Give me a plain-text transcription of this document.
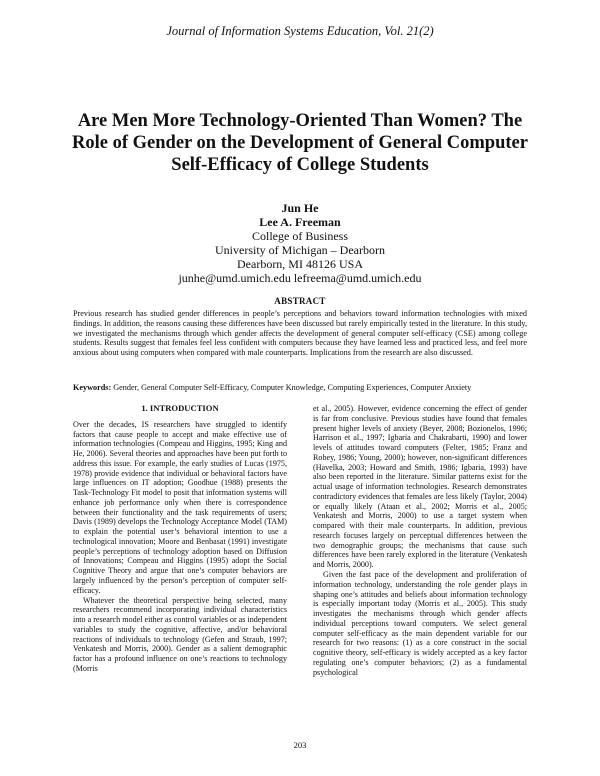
Journal of Information Systems Education, Vol. 21(2)
Are Men More Technology-Oriented Than Women? The Role of Gender on the Development of General Computer Self-Efficacy of College Students
Jun He
Lee A. Freeman
College of Business
University of Michigan – Dearborn
Dearborn, MI 48126 USA
junhe@umd.umich.edu lefreema@umd.umich.edu
ABSTRACT
Previous research has studied gender differences in people’s perceptions and behaviors toward information technologies with mixed findings. In addition, the reasons causing these differences have been discussed but rarely empirically tested in the literature. In this study, we investigated the mechanisms through which gender affects the development of general computer self-efficacy (CSE) among college students. Results suggest that females feel less confident with computers because they have learned less and practiced less, and feel more anxious about using computers when compared with male counterparts. Implications from the research are also discussed.
Keywords: Gender, General Computer Self-Efficacy, Computer Knowledge, Computing Experiences, Computer Anxiety
1. INTRODUCTION

Over the decades, IS researchers have struggled to identify factors that cause people to accept and make effective use of information technologies (Compeau and Higgins, 1995; King and He, 2006). Several theories and approaches have been put forth to address this issue. For example, the early studies of Lucas (1975, 1978) provide evidence that individual or behavioral factors have large influences on IT adoption; Goodhue (1988) presents the Task-Technology Fit model to posit that information systems will enhance job performance only when there is correspondence between their functionality and the task requirements of users; Davis (1989) develops the Technology Acceptance Model (TAM) to explain the potential user’s behavioral intention to use a technological innovation; Moore and Benbasat (1991) investigate people’s perceptions of technology adoption based on Diffusion of Innovations; Compeau and Higgins (1995) adopt the Social Cognitive Theory and argue that one’s computer behaviors are largely influenced by the person’s perception of computer self-efficacy.

Whatever the theoretical perspective being selected, many researchers recommend incorporating individual characteristics into a research model either as control variables or as independent variables to study the cognitive, affective, and/or behavioral reactions of individuals to technology (Gefen and Straub, 1997; Venkatesh and Morris, 2000). Gender as a salient demographic factor has a profound influence on one’s reactions to technology (Morris

et al., 2005). However, evidence concerning the effect of gender is far from conclusive. Previous studies have found that females present higher levels of anxiety (Beyer, 2008; Bozionelos, 1996; Harrison et al., 1997; Igbaria and Chakrabarti, 1990) and lower levels of attitudes toward computers (Felter, 1985; Franz and Robey, 1986; Young, 2000); however, non-significant differences (Havelka, 2003; Howard and Smith, 1986; Igbaria, 1993) have also been reported in the literature. Similar patterns exist for the actual usage of information technologies. Research demonstrates contradictory evidences that females are less likely (Taylor, 2004) or equally likely (Ataan et al., 2002; Morris et al., 2005; Venkatesh and Morris, 2000) to use a target system when compared with their male counterparts. In addition, previous research focuses largely on perceptual differences between the two demographic groups; the mechanisms that cause such differences have been rarely explored in the literature (Venkatesh and Morris, 2000).

Given the fast pace of the development and proliferation of information technology, understanding the role gender plays in shaping one’s attitudes and beliefs about information technology is especially important today (Morris et al., 2005). This study investigates the mechanisms through which gender affects individual perceptions toward computers. We select general computer self-efficacy as the main dependent variable for our research for two reasons: (1) as a core construct in the social cognitive theory, self-efficacy is widely accepted as a key factor regulating one’s computer behaviors; (2) as a fundamental psychological

203
